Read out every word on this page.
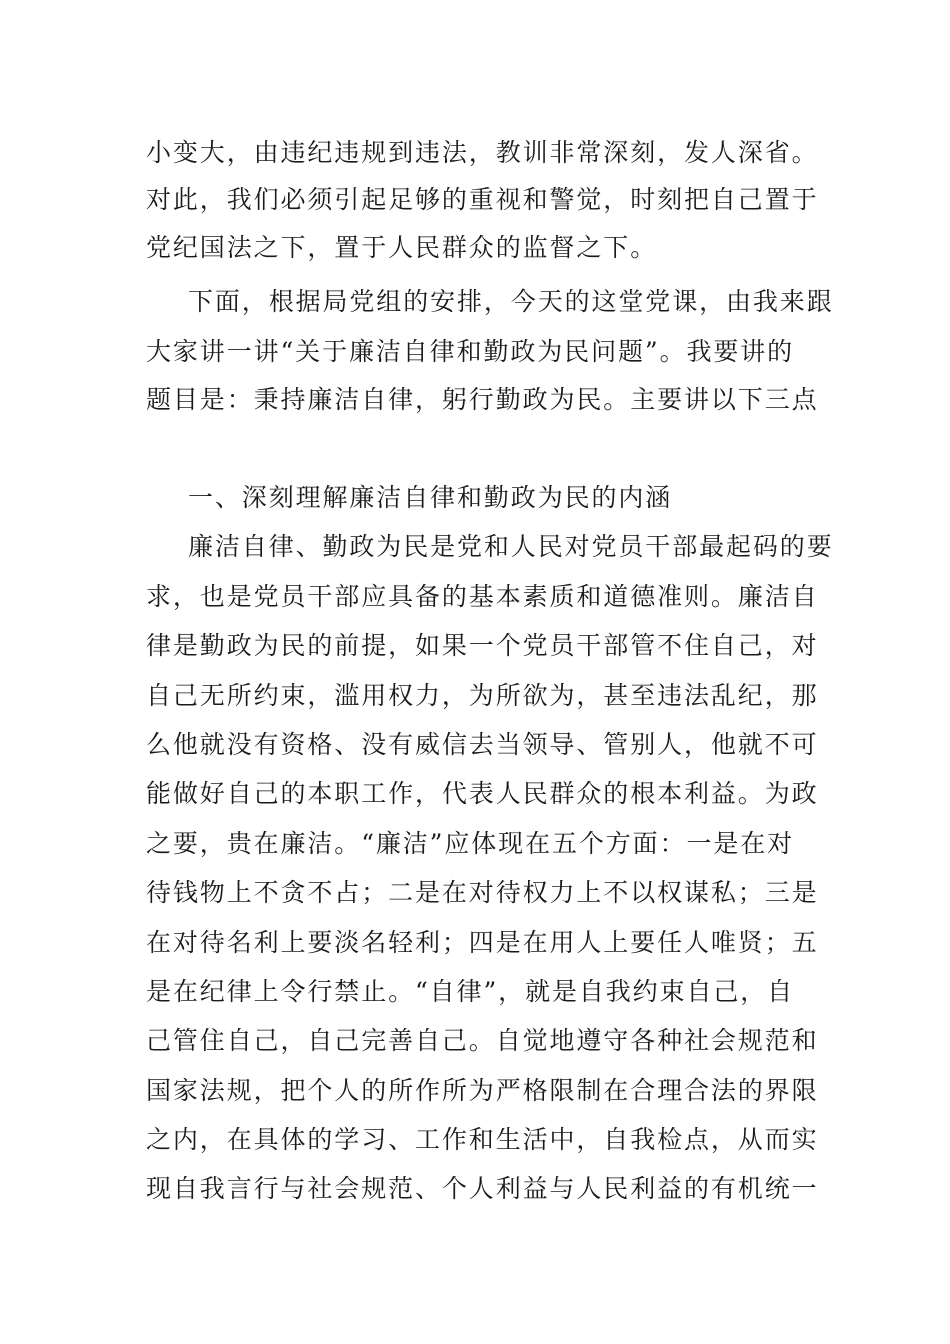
小变大，由违纪违规到违法，教训非常深刻，发人深省。
对此，我们必须引起足够的重视和警觉，时刻把自己置于
党纪国法之下，置于人民群众的监督之下。
下面，根据局党组的安排，今天的这堂党课，由我来跟
大家讲一讲“关于廉洁自律和勤政为民问题”。我要讲的
题目是：秉持廉洁自律，躬行勤政为民。主要讲以下三点
一、深刻理解廉洁自律和勤政为民的内涵
廉洁自律、勤政为民是党和人民对党员干部最起码的要
求，也是党员干部应具备的基本素质和道德准则。廉洁自
律是勤政为民的前提，如果一个党员干部管不住自己，对
自己无所约束，滥用权力，为所欲为，甚至违法乱纪，那
么他就没有资格、没有威信去当领导、管别人，他就不可
能做好自己的本职工作，代表人民群众的根本利益。为政
之要，贵在廉洁。“廉洁”应体现在五个方面：一是在对
待钱物上不贪不占；二是在对待权力上不以权谋私；三是
在对待名利上要淡名轻利；四是在用人上要任人唯贤；五
是在纪律上令行禁止。“自律”，就是自我约束自己，自
己管住自己，自己完善自己。自觉地遵守各种社会规范和
国家法规，把个人的所作所为严格限制在合理合法的界限
之内，在具体的学习、工作和生活中，自我检点，从而实
现自我言行与社会规范、个人利益与人民利益的有机统一
